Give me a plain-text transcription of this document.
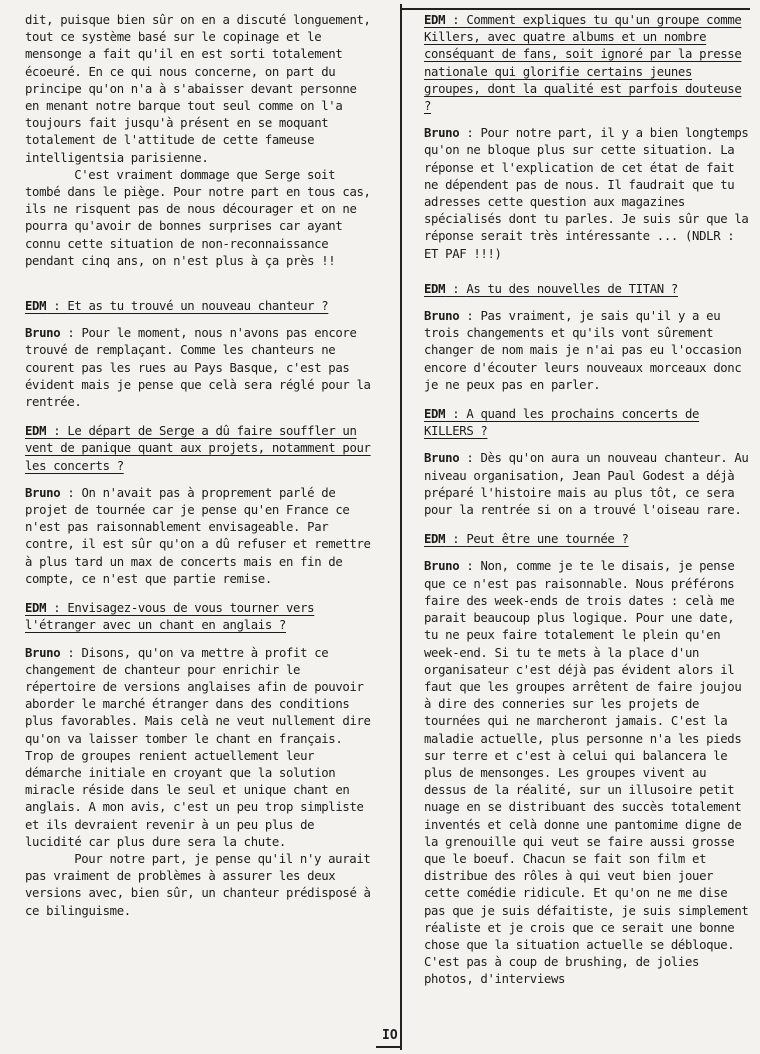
dit, puisque bien sûr on en a discuté longuement, tout ce système basé sur le copinage et le mensonge a fait qu'il en est sorti totalement écoeuré. En ce qui nous concerne, on part du principe qu'on n'a à s'abaisser devant personne en menant notre barque tout seul comme on l'a toujours fait jusqu'à présent en se moquant totalement de l'attitude de cette fameuse intelligentsia parisienne.

C'est vraiment dommage que Serge soit tombé dans le piège. Pour notre part en tous cas, ils ne risquent pas de nous décourager et on ne pourra qu'avoir de bonnes surprises car ayant connu cette situation de non-reconnaissance pendant cinq ans, on n'est plus à ça près !!

EDM : Et as tu trouvé un nouveau chanteur ?

Bruno : Pour le moment, nous n'avons pas encore trouvé de remplaçant. Comme les chanteurs ne courent pas les rues au Pays Basque, c'est pas évident mais je pense que celà sera réglé pour la rentrée.

EDM : Le départ de Serge a dû faire souffler un vent de panique quant aux projets, notamment pour les concerts ?

Bruno : On n'avait pas à proprement parlé de projet de tournée car je pense qu'en France ce n'est pas raisonnablement envisageable. Par contre, il est sûr qu'on a dû refuser et remettre à plus tard un max de concerts mais en fin de compte, ce n'est que partie remise.

EDM : Envisagez-vous de vous tourner vers l'étranger avec un chant en anglais ?

Bruno : Disons, qu'on va mettre à profit ce changement de chanteur pour enrichir le répertoire de versions anglaises afin de pouvoir aborder le marché étranger dans des conditions plus favorables. Mais celà ne veut nullement dire qu'on va laisser tomber le chant en français. Trop de groupes renient actuellement leur démarche initiale en croyant que la solution miracle réside dans le seul et unique chant en anglais. A mon avis, c'est un peu trop simpliste et ils devraient revenir à un peu plus de lucidité car plus dure sera la chute.

Pour notre part, je pense qu'il n'y aurait pas vraiment de problèmes à assurer les deux versions avec, bien sûr, un chanteur prédisposé à ce bilinguisme.

EDM : Comment expliques tu qu'un groupe comme Killers, avec quatre albums et un nombre conséquant de fans, soit ignoré par la presse nationale qui glorifie certains jeunes groupes, dont la qualité est parfois douteuse ?

Bruno : Pour notre part, il y a bien longtemps qu'on ne bloque plus sur cette situation. La réponse et l'explication de cet état de fait ne dépendent pas de nous. Il faudrait que tu adresses cette question aux magazines spécialisés dont tu parles. Je suis sûr que la réponse serait très intéressante ... (NDLR : ET PAF !!!)

EDM : As tu des nouvelles de TITAN ?

Bruno : Pas vraiment, je sais qu'il y a eu trois changements et qu'ils vont sûrement changer de nom mais je n'ai pas eu l'occasion encore d'écouter leurs nouveaux morceaux donc je ne peux pas en parler.

EDM : A quand les prochains concerts de KILLERS ?

Bruno : Dès qu'on aura un nouveau chanteur. Au niveau organisation, Jean Paul Godest a déjà préparé l'histoire mais au plus tôt, ce sera pour la rentrée si on a trouvé l'oiseau rare.

EDM : Peut être une tournée ?

Bruno : Non, comme je te le disais, je pense que ce n'est pas raisonnable. Nous préférons faire des week-ends de trois dates : celà me parait beaucoup plus logique. Pour une date, tu ne peux faire totalement le plein qu'en week-end. Si tu te mets à la place d'un organisateur c'est déjà pas évident alors il faut que les groupes arrêtent de faire joujou à dire des conneries sur les projets de tournées qui ne marcheront jamais. C'est la maladie actuelle, plus personne n'a les pieds sur terre et c'est à celui qui balancera le plus de mensonges. Les groupes vivent au dessus de la réalité, sur un illusoire petit nuage en se distribuant des succès totalement inventés et celà donne une pantomime digne de la grenouille qui veut se faire aussi grosse que le boeuf. Chacun se fait son film et distribue des rôles à qui veut bien jouer cette comédie ridicule. Et qu'on ne me dise pas que je suis défaitiste, je suis simplement réaliste et je crois que ce serait une bonne chose que la situation actuelle se débloque. C'est pas à coup de brushing, de jolies photos, d'interviews

IO
